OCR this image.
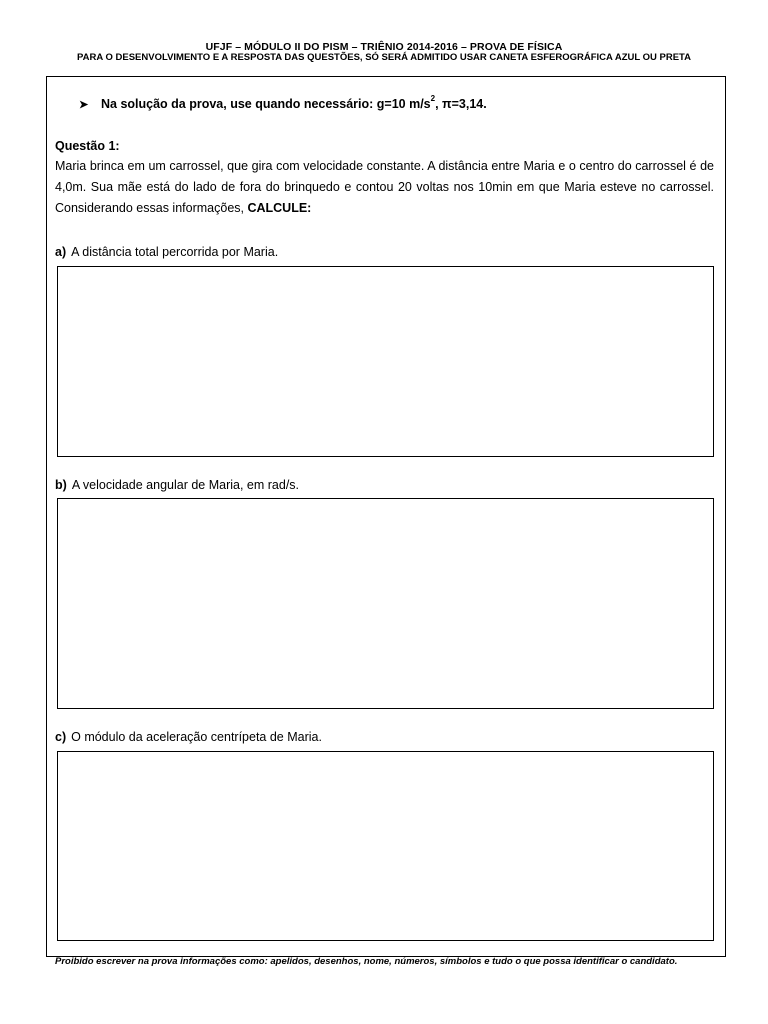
UFJF – MÓDULO II DO PISM – TRIÊNIO 2014-2016 – PROVA DE FÍSICA
PARA O DESENVOLVIMENTO E A RESPOSTA DAS QUESTÕES, SÓ SERÁ ADMITIDO USAR CANETA ESFEROGRÁFICA AZUL OU PRETA
➤ Na solução da prova, use quando necessário: g=10 $m/s^2$, π=3,14.
Questão 1:
Maria brinca em um carrossel, que gira com velocidade constante. A distância entre Maria e o centro do carrossel é de 4,0m. Sua mãe está do lado de fora do brinquedo e contou 20 voltas nos 10min em que Maria esteve no carrossel. Considerando essas informações, CALCULE:
a) A distância total percorrida por Maria.
b) A velocidade angular de Maria, em rad/s.
c) O módulo da aceleração centrípeta de Maria.
Proibido escrever na prova informações como: apelidos, desenhos, nome, números, símbolos e tudo o que possa identificar o candidato.
